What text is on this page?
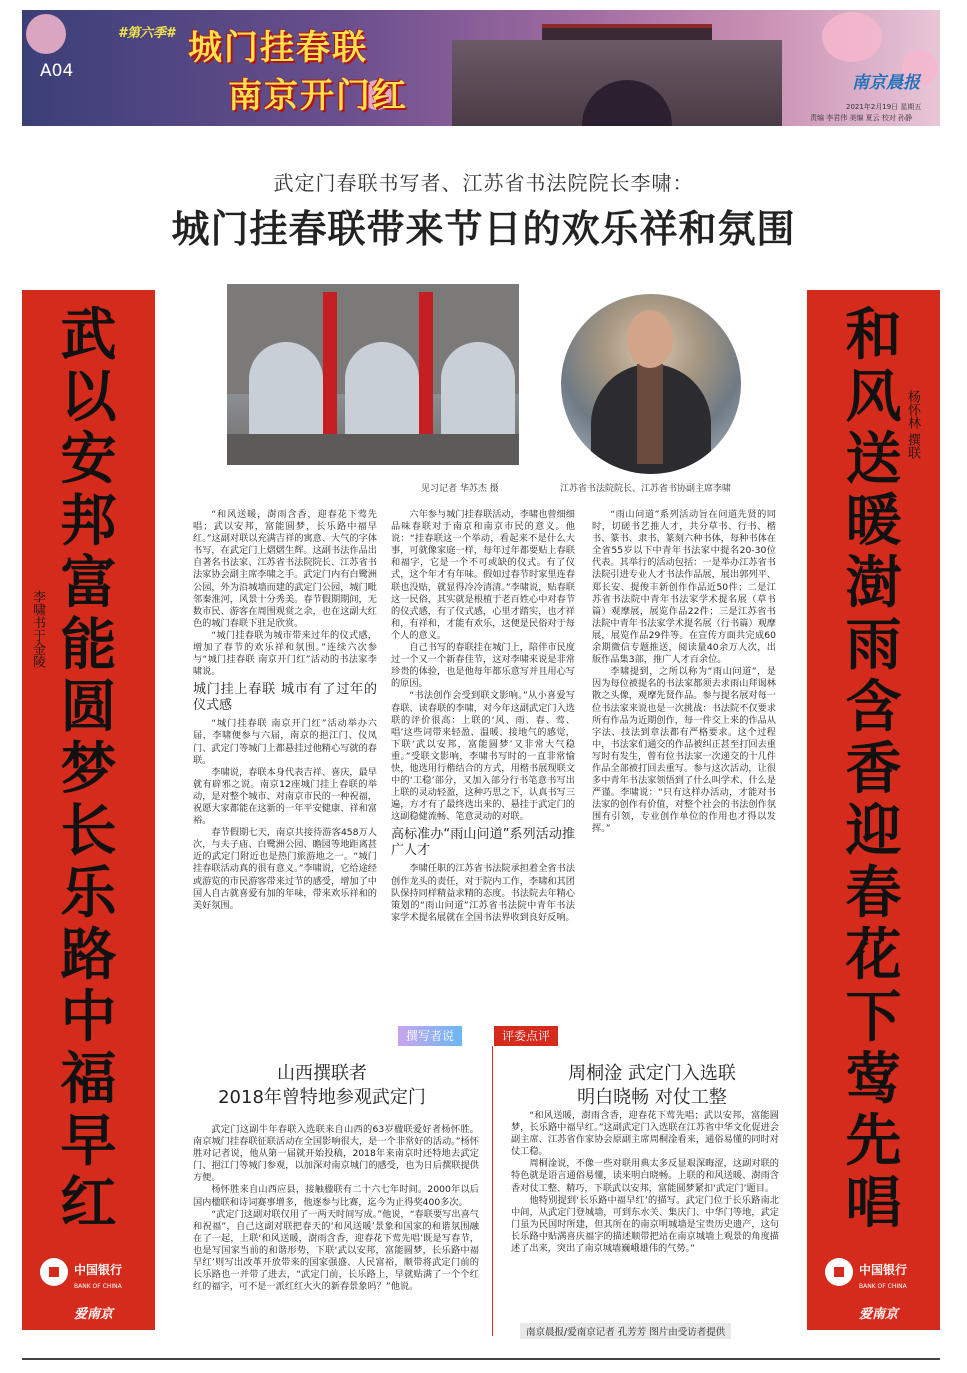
A04
#第六季# 城门挂春联
南京开门红	南京晨报
2021年2月19日 星期五
责编 李君伟 美编 夏云 校对 孙静
武定门春联书写者、江苏省书法院院长李啸：
城门挂春联带来节日的欢乐祥和氛围
武
以
安
邦
富
能
圆
梦
长
乐
路
中
福
早
红
李啸书于金陵
中国银行
BANK OF CHINA
爱南京
和
风
送
暖
澍
雨
含
香
迎
春
花
下
莺
先
唱
杨怀林 撰联
中国银行
BANK OF CHINA
爱南京
见习记者 华苏杰 摄	江苏省书法院院长、江苏省书协副主席李啸

“和风送暖，澍雨含香，迎春花下莺先唱；武以安邦，富能圆梦，长乐路中福早红。”这副对联以充满吉祥的寓意、大气的字体书写，在武定门上熠熠生辉。这副书法作品出自著名书法家、江苏省书法院院长、江苏省书法家协会副主席李啸之手。武定门内有白鹭洲公园，外为沿城墙而建的武定门公园，城门毗邻秦淮河，风景十分秀美。春节假期期间，无数市民、游客在周围观赏之余，也在这副大红色的城门春联下驻足欣赏。

“城门挂春联为城市带来过年的仪式感，增加了春节的欢乐祥和氛围。”连续六次参与“城门挂春联 南京开门红”活动的书法家李啸说。

城门挂上春联 城市有了过年的仪式感

“城门挂春联 南京开门红”活动举办六届，李啸便参与六届，南京的挹江门、仪凤门、武定门等城门上都悬挂过他精心写就的春联。

李啸说，春联本身代表吉祥、喜庆，最早就有辟邪之说。南京12座城门挂上春联的举动，是对整个城市、对南京市民的一种祝福，祝愿大家都能在这新的一年平安健康、祥和富裕。

春节假期七天，南京共接待游客458万人次，与夫子庙、白鹭洲公园、瞻园等地距离甚近的武定门附近也是热门旅游地之一。“城门挂春联活动真的很有意义。”李啸说，它给途经或游览的市民游客带来过节的感受，增加了中国人自古就喜爱有加的年味，带来欢乐祥和的美好氛围。

六年参与城门挂春联活动，李啸也曾细细品味春联对于南京和南京市民的意义。他说：“挂春联这一个举动，看起来不是什么大事，可就像家庭一样，每年过年都要贴上春联和福字，它是一个不可或缺的仪式。有了仪式，这个年才有年味。假如过春节时家里连春联也没贴，就显得冷冷清清。”李啸说，贴春联这一民俗，其实就是根植于老百姓心中对春节的仪式感，有了仪式感，心里才踏实，也才祥和，有祥和，才能有欢乐，这便是民俗对于每个人的意义。

自己书写的春联挂在城门上，陪伴市民度过一个又一个新春佳节，这对李啸来说是非常珍贵的体验，也是他每年都乐意写并且用心写的原因。

“书法创作会受到联文影响。”从小喜爱写春联、读春联的李啸，对今年这副武定门入选联的评价很高：上联的‘风、雨、春、莺、唱’这些词带来轻盈、温暖、接地气的感觉，下联‘武以安邦，富能圆梦’又非常大气稳重。”受联文影响，李啸书写时的一直非常愉快，他选用行楷结合的方式，用楷书展现联文中的‘工稳’部分，又加入部分行书笔意书写出上联的灵动轻盈，这种巧思之下，认真书写三遍，方才有了最终选出来的、悬挂于武定门的这副稳健流畅、笔意灵动的对联。

高标准办“雨山问道”系列活动推广人才

李啸任职的江苏省书法院承担着全省书法创作龙头的责任，对于院内工作，李啸和其团队保持同样精益求精的态度。书法院去年精心策划的“雨山问道”江苏省书法院中青年书法家学术提名展就在全国书法界收到良好反响。

“雨山问道”系列活动旨在问道先贤的同时，切磋书艺推人才，共分草书、行书、楷书、篆书、隶书、篆刻六种书体，每种书体在全省55岁以下中青年书法家中提名20-30位代表。其举行的活动包括：一是举办江苏省书法院引进专业人才书法作品展，展出郭列平、郑长安、提俊丰新创作作品近50件；二是江苏省书法院中青年书法家学术提名展（草书篇）观摩展，展览作品22件；三是江苏省书法院中青年书法家学术提名展（行书篇）观摩展，展览作品29件等。在宣传方面共完成60余期微信专题推送，阅读量40余万人次，出版作品集3部，推广人才百余位。

李啸提到，之所以称为“雨山问道”，是因为每位被提名的书法家都须去求雨山拜谒林散之头像，观摩先贤作品。参与提名展对每一位书法家来说也是一次挑战：书法院不仅要求所有作品为近期创作，每一件交上来的作品从字法、技法到章法都有严格要求。这个过程中，书法家们通交的作品被纠正甚至打回去重写时有发生，曾有位书法家一次递交的十几件作品全部被打回去重写。参与这次活动，让很多中青年书法家领悟到了什么叫学术、什么是严谨。李啸说：“只有这样办活动，才能对书法家的创作有价值，对整个社会的书法创作氛围有引领，专业创作单位的作用也才得以发挥。”

撰写者说	评委点评
山西撰联者
2018年曾特地参观武定门
周桐淦 武定门入选联
明白晓畅 对仗工整

武定门这副牛年春联入选联来自山西的63岁楹联爱好者杨怀胜。南京城门挂春联征联活动在全国影响很大，是一个非常好的活动。”杨怀胜对记者说，他从第一届就开始投稿，2018年来南京时还特地去武定门、挹江门等城门参观，以加深对南京城门的感受，也为日后撰联提供方便。

杨怀胜来自山西应县，接触楹联有二十六七年时间。2000年以后国内楹联和诗词赛事增多，他逐参与比赛，迄今为止得奖400多次。

“武定门这副对联仅用了一两天时间写成。”他说，“春联要写出喜气和祝福”，自己这副对联把春天的‘和风送暖’景象和国家的和谐氛围融在了一起，上联‘和风送暖，澍雨含香，迎春花下莺先唱’既是写春节，也是写国家当前的和谐形势，下联‘武以安邦，富能圆梦，长乐路中福早红’则写出改革开放带来的国家强盛、人民富裕，顺带将武定门前的长乐路也一并带了进去，“武定门前，长乐路上，早就贴满了一个个红红的福字，可不是一派红红火火的新春景象吗？”他说。

“和风送暖，澍雨含香，迎春花下莺先唱；武以安邦，富能圆梦，长乐路中福早红。”这副武定门入选联在江苏省中华文化促进会副主席、江苏省作家协会原副主席周桐淦看来，通俗易懂的同时对仗工稳。

周桐淦说，不像一些对联用典太多反显艰深晦涩，这副对联的特色就是语言通俗易懂，读来明白晓畅。上联的和风送暖、澍雨含香对仗工整、精巧，下联武以安邦，富能圆梦紧扣‘武定门’题目。

他特别提到‘长乐路中福早红’的描写。武定门位于长乐路南北中间，从武定门登城墙，可到东水关、集庆门、中华门等地，武定门虽为民国时所建，但其所在的南京明城墙是宝贵历史遗产，这句长乐路中贴满喜庆福字的描述顺带把站在南京城墙上观景的角度描述了出来，突出了南京城墙巍峨雄伟的气势。”

南京晨报/爱南京记者 孔芳芳 图片由受访者提供
